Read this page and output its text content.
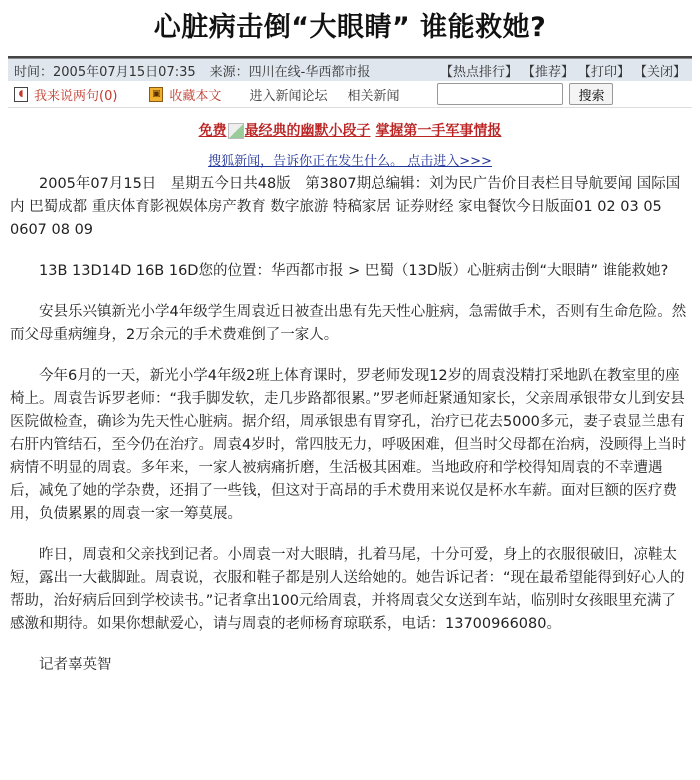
心脏病击倒“大眼睛” 谁能救她?
时间：2005年07月15日07:35 来源：四川在线-华西都市报	【热点排行】 【推荐】 【打印】 【关闭】
◖ 我来说两句(0)	▣ 收藏本文 进入新闻论坛 相关新闻	搜索
免费 最经典的幽默小段子 掌握第一手军事情报
搜狐新闻，告诉你正在发生什么。 点击进入>>>

2005年07月15日　星期五今日共48版　第3807期总编辑：刘为民广告价目表栏目导航要闻 国际国内 巴蜀成都 重庆体育影视娱体房产教育 数字旅游 特稿家居 证券财经 家电餐饮今日版面01 02 03 05 0607 08 09

13B 13D14D 16B 16D您的位置：华西都市报 > 巴蜀（13D版）心脏病击倒“大眼睛” 谁能救她?

安县乐兴镇新光小学4年级学生周袁近日被查出患有先天性心脏病，急需做手术，否则有生命危险。然而父母重病缠身，2万余元的手术费难倒了一家人。

今年6月的一天，新光小学4年级2班上体育课时，罗老师发现12岁的周袁没精打采地趴在教室里的座椅上。周袁告诉罗老师：“我手脚发软，走几步路都很累。”罗老师赶紧通知家长，父亲周承银带女儿到安县医院做检查，确诊为先天性心脏病。据介绍，周承银患有胃穿孔，治疗已花去5000多元，妻子袁显兰患有右肝内管结石，至今仍在治疗。周袁4岁时，常四肢无力，呼吸困难，但当时父母都在治病，没顾得上当时病情不明显的周袁。多年来，一家人被病痛折磨，生活极其困难。当地政府和学校得知周袁的不幸遭遇后，减免了她的学杂费，还捐了一些钱，但这对于高昂的手术费用来说仅是杯水车薪。面对巨额的医疗费用，负债累累的周袁一家一筹莫展。

昨日，周袁和父亲找到记者。小周袁一对大眼睛，扎着马尾，十分可爱，身上的衣服很破旧，凉鞋太短，露出一大截脚趾。周袁说，衣服和鞋子都是别人送给她的。她告诉记者：“现在最希望能得到好心人的帮助，治好病后回到学校读书。”记者拿出100元给周袁，并将周袁父女送到车站，临别时女孩眼里充满了感激和期待。如果你想献爱心，请与周袁的老师杨育琼联系，电话：13700966080。

记者辜英智
